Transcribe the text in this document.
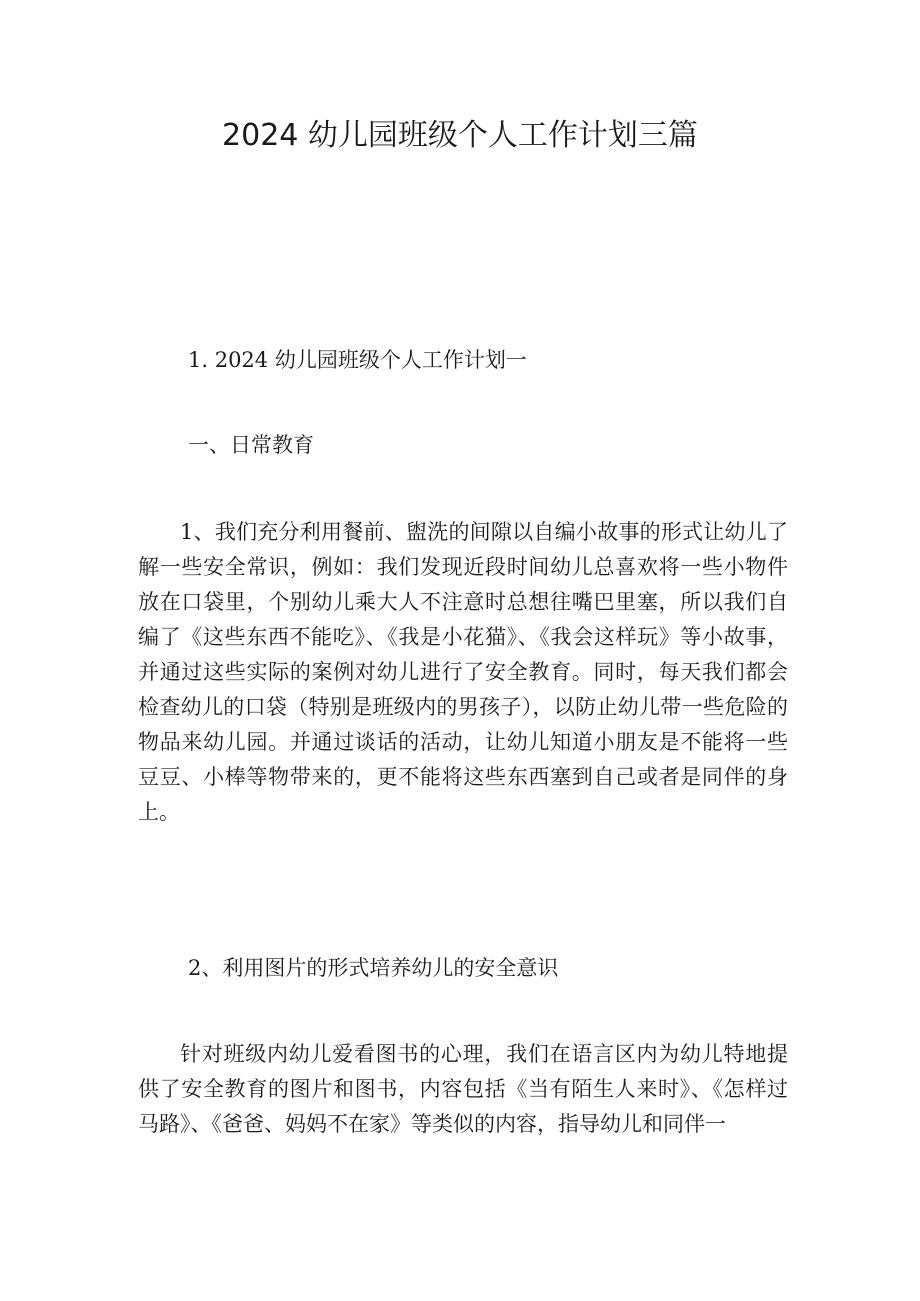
2024 幼儿园班级个人工作计划三篇

1. 2024 幼儿园班级个人工作计划一

一、日常教育

1、我们充分利用餐前、盥洗的间隙以自编小故事的形式让幼儿了解一些安全常识，例如：我们发现近段时间幼儿总喜欢将一些小物件放在口袋里，个别幼儿乘大人不注意时总想往嘴巴里塞，所以我们自编了《这些东西不能吃》、《我是小花猫》、《我会这样玩》等小故事，并通过这些实际的案例对幼儿进行了安全教育。同时，每天我们都会检查幼儿的口袋（特别是班级内的男孩子），以防止幼儿带一些危险的物品来幼儿园。并通过谈话的活动，让幼儿知道小朋友是不能将一些豆豆、小棒等物带来的，更不能将这些东西塞到自己或者是同伴的身上。

2、利用图片的形式培养幼儿的安全意识

针对班级内幼儿爱看图书的心理，我们在语言区内为幼儿特地提供了安全教育的图片和图书，内容包括《当有陌生人来时》、《怎样过马路》、《爸爸、妈妈不在家》等类似的内容，指导幼儿和同伴一
